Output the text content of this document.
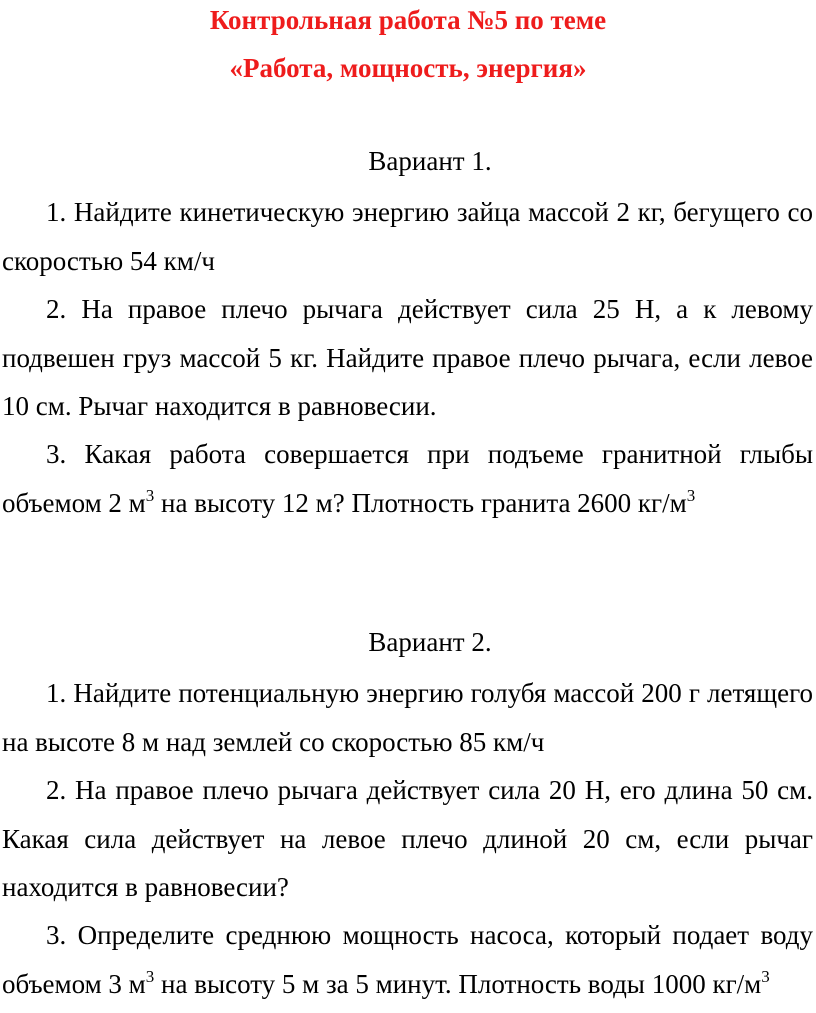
Контрольная работа №5 по теме
«Работа, мощность, энергия»
Вариант 1.
1. Найдите кинетическую энергию зайца массой 2 кг, бегущего со скоростью 54 км/ч
2. На правое плечо рычага действует сила 25 Н, а к левому подвешен груз массой 5 кг. Найдите правое плечо рычага, если левое 10 см. Рычаг находится в равновесии.
3. Какая работа совершается при подъеме гранитной глыбы объемом 2 $м^3$ на высоту 12 м? Плотность гранита 2600 $кг/м^3$
Вариант 2.
1. Найдите потенциальную энергию голубя массой 200 г летящего на высоте 8 м над землей со скоростью 85 км/ч
2. На правое плечо рычага действует сила 20 Н, его длина 50 см. Какая сила действует на левое плечо длиной 20 см, если рычаг находится в равновесии?
3. Определите среднюю мощность насоса, который подает воду объемом 3 $м^3$ на высоту 5 м за 5 минут. Плотность воды 1000 $кг/м^3$
